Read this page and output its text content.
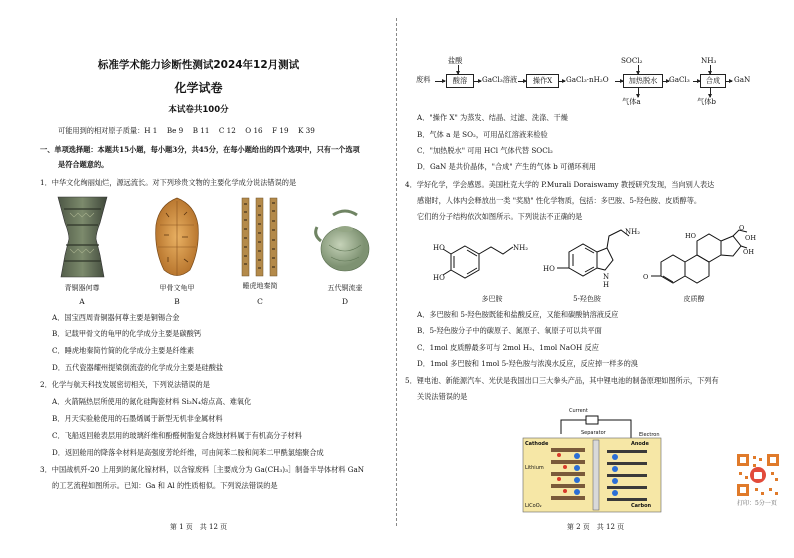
标准学术能力诊断性测试2024年12月测试
化学试卷
本试卷共100分
可能用到的相对原子质量：H 1　 Be 9　 B 11　 C 12　 O 16　 F 19　 K 39
一、单项选择题：本题共15小题，每小题3分，共45分，在每小题给出的四个选项中，只有一个选项
是符合题意的。
1．中华文化绚丽灿烂，源远流长。对下列珍贵文物的主要化学成分说法错误的是
青铜器何尊	甲骨文龟甲	睡虎地秦简	五代铜流壶
A	B	C	D
A．国宝西周青铜器何尊主要是铜锡合金
B．记载甲骨文的龟甲的化学成分主要是碳酸钙
C．睡虎地秦简竹简的化学成分主要是纤维素
D．五代瓷器耀州提梁倒流壶的化学成分主要是硅酸盐
2．化学与航天科技发展密切相关，下列说法错误的是
A．火箭隔热层所使用的氮化硅陶瓷材料 Si₃N₄熔点高、难氧化
B．月天实验舱使用的石墨烯属于新型无机非金属材料
C．飞船返回舱表层用的玻璃纤维和酚醛树脂复合烧蚀材料属于有机高分子材料
D．返回舱用的降落伞材料是高强度芳纶纤维，可由间苯二胺和间苯二甲酰氯缩聚合成
3．中国战机歼-20 上用到的氮化镓材料，以含镓废料［主要成分为 Ga(CH₃)₃］制备半导体材料 GaN
的工艺流程如图所示。已知：Ga 和 Al 的性质相似。下列说法错误的是
第 1 页　共 12 页
废料
盐酸
酸溶	GaCl₃溶液	操作X	GaCl₃·nH₂O
SOCl₂
加热脱水
气体a
GaCl₃
NH₃
合成
气体b
GaN
A．"操作 X" 为蒸发、结晶、过滤、洗涤、干燥
B．气体 a 是 SO₂，可用品红溶液来检验
C．"加热脱水" 可用 HCl 气体代替 SOCl₂
D．GaN 是共价晶体，"合成" 产生的气体 b 可循环利用
4．学好化学，学会感恩。美国杜克大学的 P.Murali Doraiswamy 教授研究发现，当向别人表达
感谢时，人体内会释放出一类 "奖励" 性化学物质，包括：多巴胺、5-羟色胺、皮质醇等。
它们的分子结构依次如图所示。下列说法不正确的是
HO
HO
NH₂
HO
NH₂
N
H
O
HO
O
OH
OH
多巴胺	5-羟色胺	皮质醇
A．多巴胺和 5-羟色胺既能和盐酸反应，又能和碳酸钠溶液反应
B．5-羟色胺分子中的碳原子、氮原子、氧原子可以共平面
C．1mol 皮质醇最多可与 2mol H₂、1mol NaOH 反应
D．1mol 多巴胺和 1mol 5-羟色胺与浓溴水反应，反应掉一样多的溴
5．锂电池、新能源汽车、光伏是我国出口三大拳头产品，其中锂电池的制备原理如图所示，下列有
关说法错误的是
Current
Separator	Electron
Cathode	Anode
Lithium
LiCoO₂	Carbon	打印：5分一页
第 2 页　共 12 页
